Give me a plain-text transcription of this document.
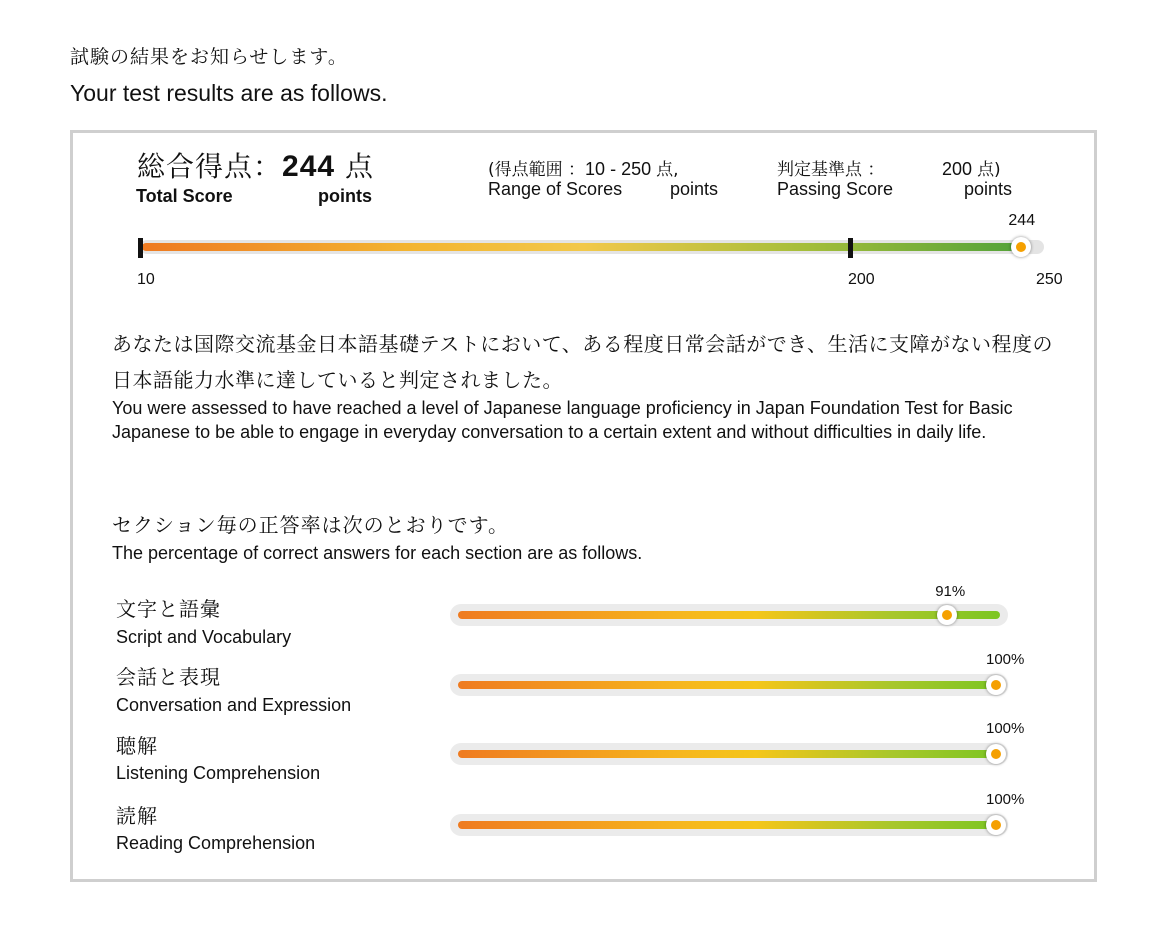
試験の結果をお知らせします。
Your test results are as follows.
総合得点：244 点
Total Score	points
(得点範囲 ：10 - 250 点,
Range of Scores	points
判定基準点 ：	200 点)
Passing Score	points
244
10	200	250
あなたは国際交流基金日本語基礎テストにおいて、ある程度日常会話ができ、生活に支障がない程度の日本語能力水準に達していると判定されました。
You were assessed to have reached a level of Japanese language proficiency in Japan Foundation Test for Basic Japanese to be able to engage in everyday conversation to a certain extent and without difficulties in daily life.
セクション毎の正答率は次のとおりです。
The percentage of correct answers for each section are as follows.
文字と語彙
Script and Vocabulary
91%
会話と表現
Conversation and Expression
100%
聴解
Listening Comprehension
100%
読解
Reading Comprehension
100%
